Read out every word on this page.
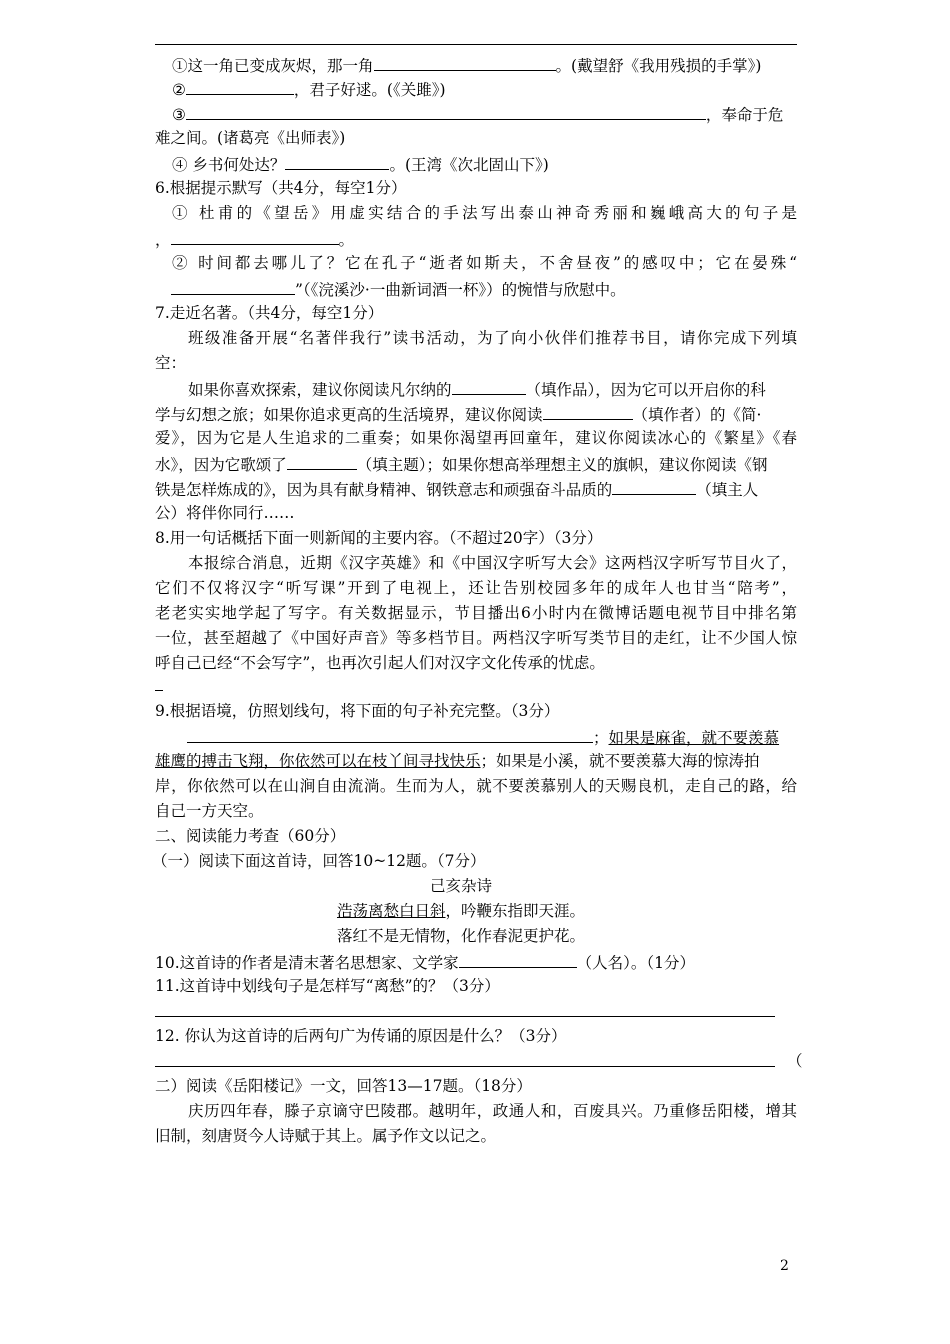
①这一角已变成灰烬，那一角	。(戴望舒《我用残损的手掌》)
②	，君子好逑。(《关雎》)
③	，奉命于危
难之间。(诸葛亮《出师表》)
④ 乡书何处达？	。(王湾《次北固山下》)
6.根据提示默写（共4分，每空1分）
① 杜甫的《望岳》用虚实结合的手法写出泰山神奇秀丽和巍峨高大的句子是
，	。
② 时间都去哪儿了？它在孔子“逝者如斯夫，不舍昼夜”的感叹中；它在晏殊“
”（《浣溪沙·一曲新词酒一杯》）的惋惜与欣慰中。
7.走近名著。（共4分，每空1分）
班级准备开展“名著伴我行”读书活动，为了向小伙伴们推荐书目，请你完成下列填
空：
如果你喜欢探索，建议你阅读凡尔纳的	（填作品），因为它可以开启你的科
学与幻想之旅；如果你追求更高的生活境界，建议你阅读	（填作者）的《简·
爱》，因为它是人生追求的二重奏；如果你渴望再回童年，建议你阅读冰心的《繁星》《春
水》，因为它歌颂了	（填主题）；如果你想高举理想主义的旗帜，建议你阅读《钢
铁是怎样炼成的》，因为具有献身精神、钢铁意志和顽强奋斗品质的	（填主人
公）将伴你同行……
8.用一句话概括下面一则新闻的主要内容。（不超过20字）（3分）
本报综合消息，近期《汉字英雄》和《中国汉字听写大会》这两档汉字听写节目火了，
它们不仅将汉字“听写课”开到了电视上，还让告别校园多年的成年人也甘当“陪考”，
老老实实地学起了写字。有关数据显示，节目播出6小时内在微博话题电视节目中排名第
一位，甚至超越了《中国好声音》等多档节目。两档汉字听写类节目的走红，让不少国人惊
呼自己已经“不会写字”，也再次引起人们对汉字文化传承的忧虑。
9.根据语境，仿照划线句，将下面的句子补充完整。（3分）
；如果是麻雀，就不要羡慕
雄鹰的搏击飞翔，你依然可以在枝丫间寻找快乐；如果是小溪，就不要羡慕大海的惊涛拍
岸，你依然可以在山涧自由流淌。生而为人，就不要羡慕别人的天赐良机，走自己的路，给
自己一方天空。
二、阅读能力考查（60分）
（一）阅读下面这首诗，回答10~12题。（7分）
己亥杂诗
浩荡离愁白日斜，吟鞭东指即天涯。
落红不是无情物，化作春泥更护花。
10.这首诗的作者是清末著名思想家、文学家	（人名）。（1分）
11.这首诗中划线句子是怎样写“离愁”的？（3分）
12. 你认为这首诗的后两句广为传诵的原因是什么？（3分）
（
二）阅读《岳阳楼记》一文，回答13—17题。（18分）
庆历四年春，滕子京谪守巴陵郡。越明年，政通人和，百废具兴。乃重修岳阳楼，增其
旧制，刻唐贤今人诗赋于其上。属予作文以记之。
2
